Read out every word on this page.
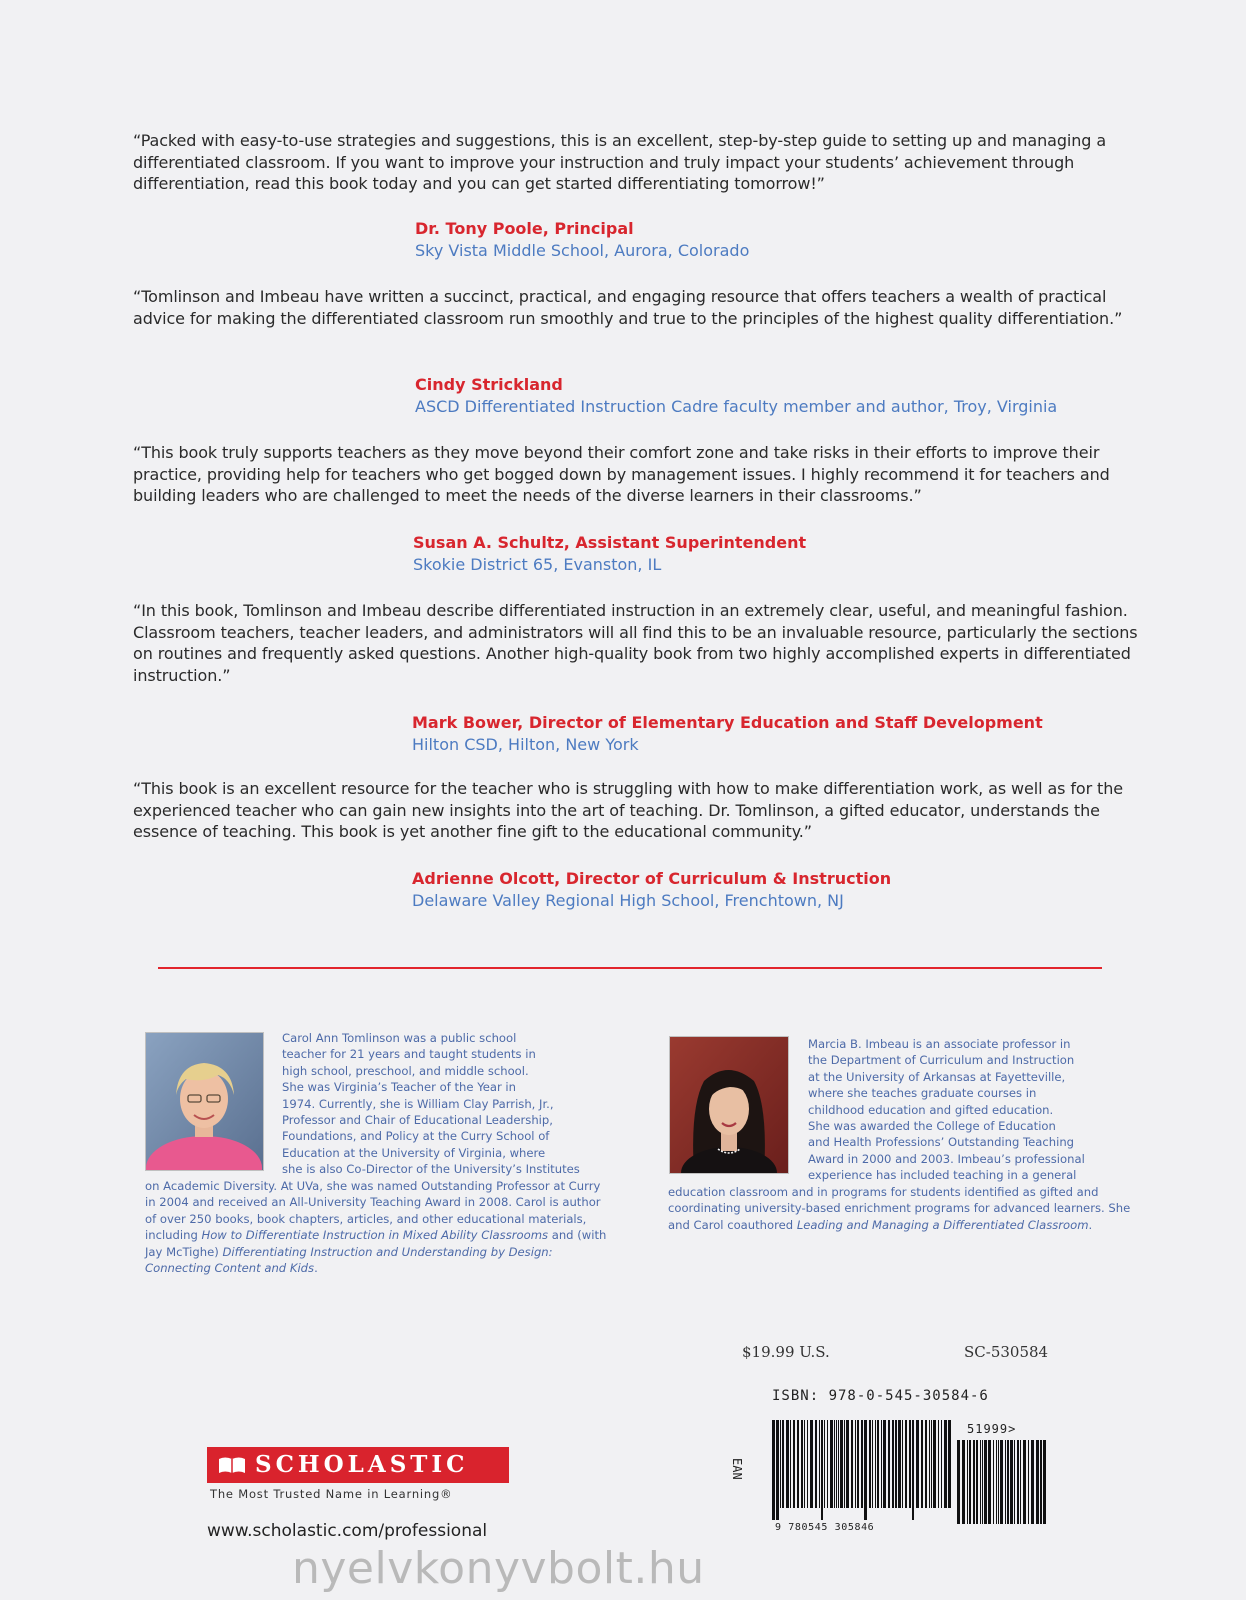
“Packed with easy-to-use strategies and suggestions, this is an excellent, step-by-step guide to setting up and managing a differentiated classroom. If you want to improve your instruction and truly impact your students’ achievement through differentiation, read this book today and you can get started differentiating tomorrow!”

Dr. Tony Poole, Principal
Sky Vista Middle School, Aurora, Colorado

“Tomlinson and Imbeau have written a succinct, practical, and engaging resource that offers teachers a wealth of practical advice for making the differentiated classroom run smoothly and true to the principles of the highest quality differentiation.”

Cindy Strickland
ASCD Differentiated Instruction Cadre faculty member and author, Troy, Virginia

“This book truly supports teachers as they move beyond their comfort zone and take risks in their efforts to improve their practice, providing help for teachers who get bogged down by management issues. I highly recommend it for teachers and building leaders who are challenged to meet the needs of the diverse learners in their classrooms.”

Susan A. Schultz, Assistant Superintendent
Skokie District 65, Evanston, IL

“In this book, Tomlinson and Imbeau describe differentiated instruction in an extremely clear, useful, and meaningful fashion. Classroom teachers, teacher leaders, and administrators will all find this to be an invaluable resource, particularly the sections on routines and frequently asked questions. Another high-quality book from two highly accomplished experts in differentiated instruction.”

Mark Bower, Director of Elementary Education and Staff Development
Hilton CSD, Hilton, New York

“This book is an excellent resource for the teacher who is struggling with how to make differentiation work, as well as for the experienced teacher who can gain new insights into the art of teaching. Dr. Tomlinson, a gifted educator, understands the essence of teaching. This book is yet another fine gift to the educational community.”

Adrienne Olcott, Director of Curriculum & Instruction
Delaware Valley Regional High School, Frenchtown, NJ
Carol Ann Tomlinson was a public school
teacher for 21 years and taught students in
high school, preschool, and middle school.
She was Virginia’s Teacher of the Year in
1974. Currently, she is William Clay Parrish, Jr.,
Professor and Chair of Educational Leadership,
Foundations, and Policy at the Curry School of
Education at the University of Virginia, where
she is also Co-Director of the University’s Institutes

on Academic Diversity. At UVa, she was named Outstanding Professor at Curry in 2004 and received an All-University Teaching Award in 2008. Carol is author of over 250 books, book chapters, articles, and other educational materials, including How to Differentiate Instruction in Mixed Ability Classrooms and (with Jay McTighe) Differentiating Instruction and Understanding by Design: Connecting Content and Kids.

Marcia B. Imbeau is an associate professor in
the Department of Curriculum and Instruction
at the University of Arkansas at Fayetteville,
where she teaches graduate courses in
childhood education and gifted education.
She was awarded the College of Education
and Health Professions’ Outstanding Teaching
Award in 2000 and 2003. Imbeau’s professional
experience has included teaching in a general

education classroom and in programs for students identified as gifted and coordinating university-based enrichment programs for advanced learners. She and Carol coauthored Leading and Managing a Differentiated Classroom.

$19.99 U.S.	SC-530584
ISBN: 978-0-545-30584-6
EAN
9 780545 305846
51999>
SCHOLASTIC
The Most Trusted Name in Learning®
www.scholastic.com/professional
nyelvkonyvbolt.hu
